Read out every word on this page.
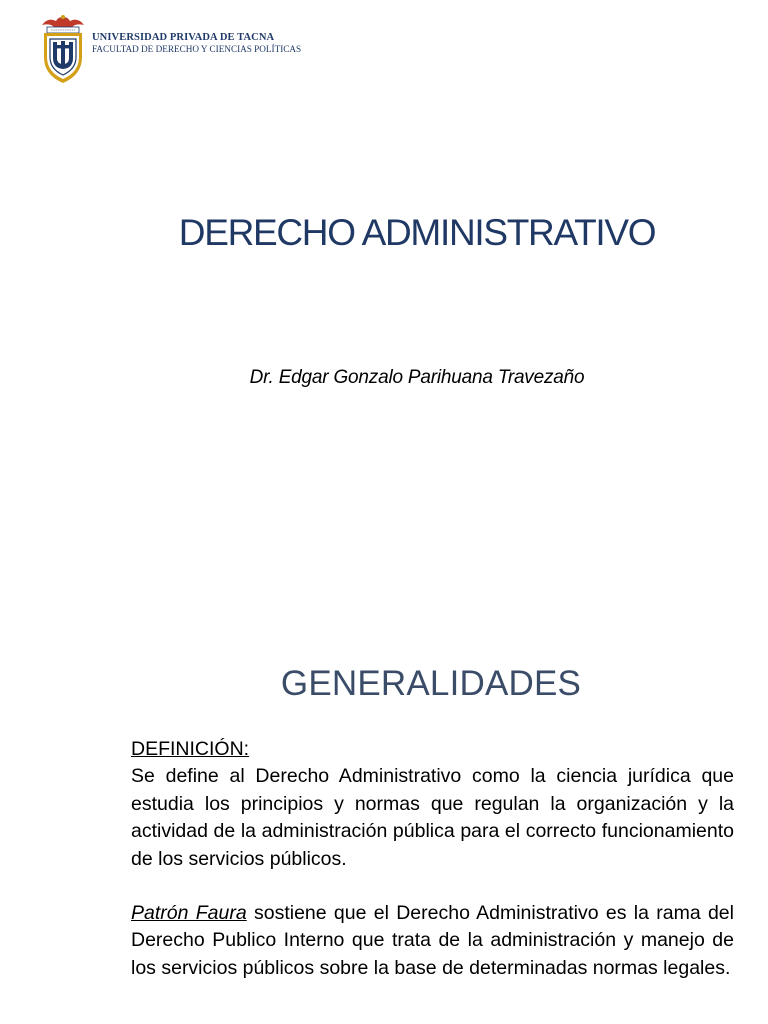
UNIVERSIDAD PRIVADA DE TACNA
FACULTAD DE DERECHO Y CIENCIAS POLÍTICAS
DERECHO ADMINISTRATIVO
Dr. Edgar Gonzalo Parihuana Travezaño
GENERALIDADES
DEFINICIÓN:

Se define al Derecho Administrativo como la ciencia jurídica que estudia los principios y normas que regulan la organización y la actividad de la administración pública para el correcto funcionamiento de los servicios públicos.

Patrón Faura sostiene que el Derecho Administrativo es la rama del Derecho Publico Interno que trata de la administración y manejo de los servicios públicos sobre la base de determinadas normas legales.
